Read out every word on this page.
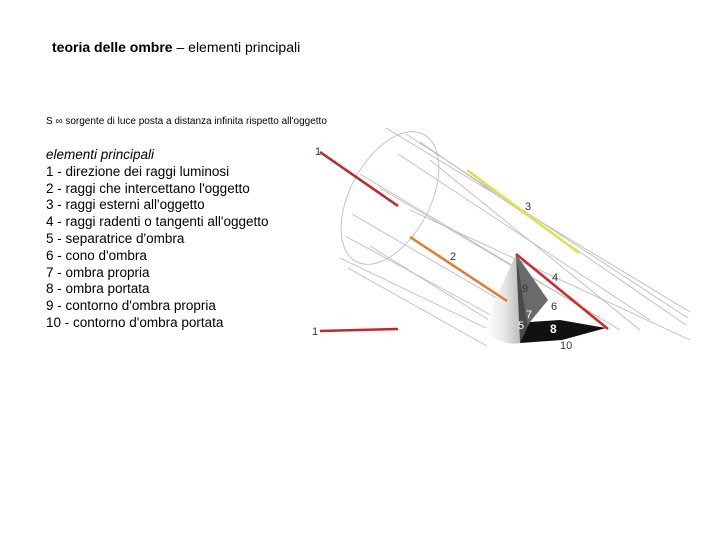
teoria delle ombre – elementi principali
S ∞ sorgente di luce posta a distanza infinita rispetto all'oggetto
elementi principali
1 - direzione dei raggi luminosi
2 - raggi che intercettano l'oggetto
3 - raggi esterni all'oggetto
4 - raggi radenti o tangenti all'oggetto
5 - separatrice d'ombra
6 - cono d'ombra
7 - ombra propria
8 - ombra portata
9 - contorno d'ombra propria
10 - contorno d'ombra portata
1
1
2
3
4
5
6
7
8
9
10
